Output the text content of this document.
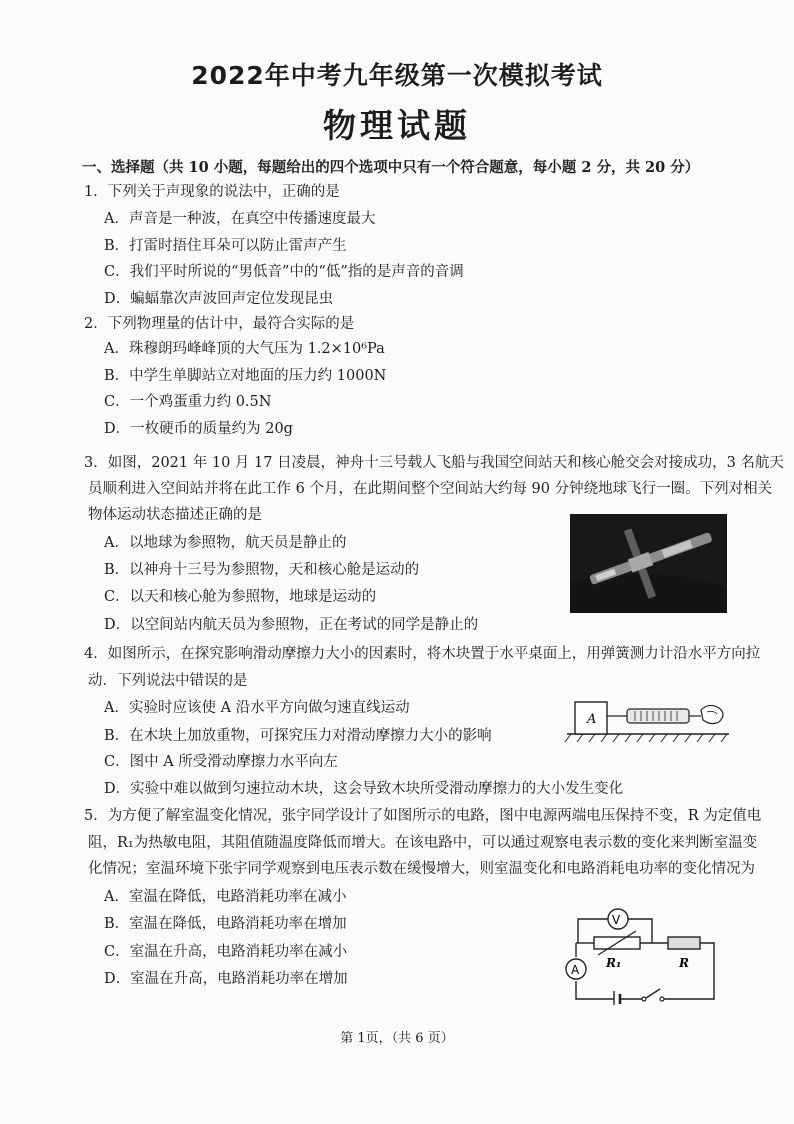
2022年中考九年级第一次模拟考试
物理试题
一、选择题（共 10 小题，每题给出的四个选项中只有一个符合题意，每小题 2 分，共 20 分）
1．下列关于声现象的说法中，正确的是
A．声音是一种波，在真空中传播速度最大
B．打雷时捂住耳朵可以防止雷声产生
C．我们平时所说的“男低音”中的“低”指的是声音的音调
D．蝙蝠靠次声波回声定位发现昆虫
2．下列物理量的估计中，最符合实际的是
A．珠穆朗玛峰峰顶的大气压为 1.2×10⁶Pa
B．中学生单脚站立对地面的压力约 1000N
C．一个鸡蛋重力约 0.5N
D．一枚硬币的质量约为 20g
3．如图，2021 年 10 月 17 日凌晨，神舟十三号载人飞船与我国空间站天和核心舱交会对接成功，3 名航天
员顺利进入空间站并将在此工作 6 个月，在此期间整个空间站大约每 90 分钟绕地球飞行一圈。下列对相关
物体运动状态描述正确的是
A．以地球为参照物，航天员是静止的
B．以神舟十三号为参照物，天和核心舱是运动的
C．以天和核心舱为参照物，地球是运动的
D．以空间站内航天员为参照物，正在考试的同学是静止的
4．如图所示，在探究影响滑动摩擦力大小的因素时，将木块置于水平桌面上，用弹簧测力计沿水平方向拉
动．下列说法中错误的是
A．实验时应该使 A 沿水平方向做匀速直线运动
B．在木块上加放重物，可探究压力对滑动摩擦力大小的影响
C．图中 A 所受滑动摩擦力水平向左
D．实验中难以做到匀速拉动木块，这会导致木块所受滑动摩擦力的大小发生变化
A
5．为方便了解室温变化情况，张宇同学设计了如图所示的电路，图中电源两端电压保持不变，R 为定值电
阻，R₁为热敏电阻，其阻值随温度降低而增大。在该电路中，可以通过观察电表示数的变化来判断室温变
化情况；室温环境下张宇同学观察到电压表示数在缓慢增大，则室温变化和电路消耗电功率的变化情况为
A．室温在降低，电路消耗功率在减小
B．室温在降低，电路消耗功率在增加
C．室温在升高，电路消耗功率在减小
D．室温在升高，电路消耗功率在增加
V
R₁	R
A
第 1页，（共 6 页）
